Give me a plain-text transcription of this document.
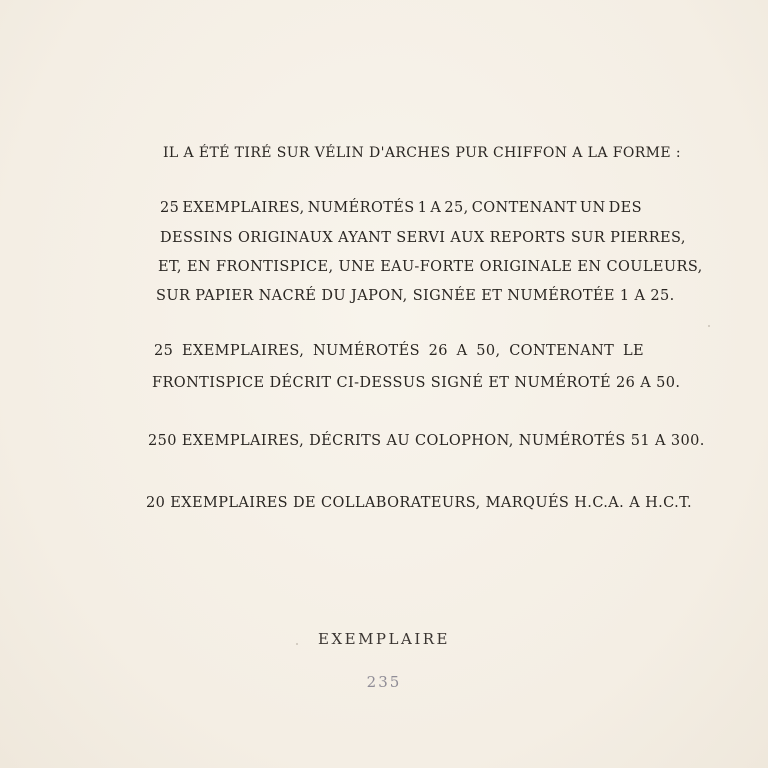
IL A ÉTÉ TIRÉ SUR VÉLIN D'ARCHES PUR CHIFFON A LA FORME :
25 EXEMPLAIRES, NUMÉROTÉS 1 A 25, CONTENANT UN DES
DESSINS ORIGINAUX AYANT SERVI AUX REPORTS SUR PIERRES,
ET, EN FRONTISPICE, UNE EAU-FORTE ORIGINALE EN COULEURS,
SUR PAPIER NACRÉ DU JAPON, SIGNÉE ET NUMÉROTÉE 1 A 25.
25 EXEMPLAIRES, NUMÉROTÉS 26 A 50, CONTENANT LE
FRONTISPICE DÉCRIT CI-DESSUS SIGNÉ ET NUMÉROTÉ 26 A 50.
250 EXEMPLAIRES, DÉCRITS AU COLOPHON, NUMÉROTÉS 51 A 300.
20 EXEMPLAIRES DE COLLABORATEURS, MARQUÉS H.C.A. A H.C.T.
EXEMPLAIRE
235
